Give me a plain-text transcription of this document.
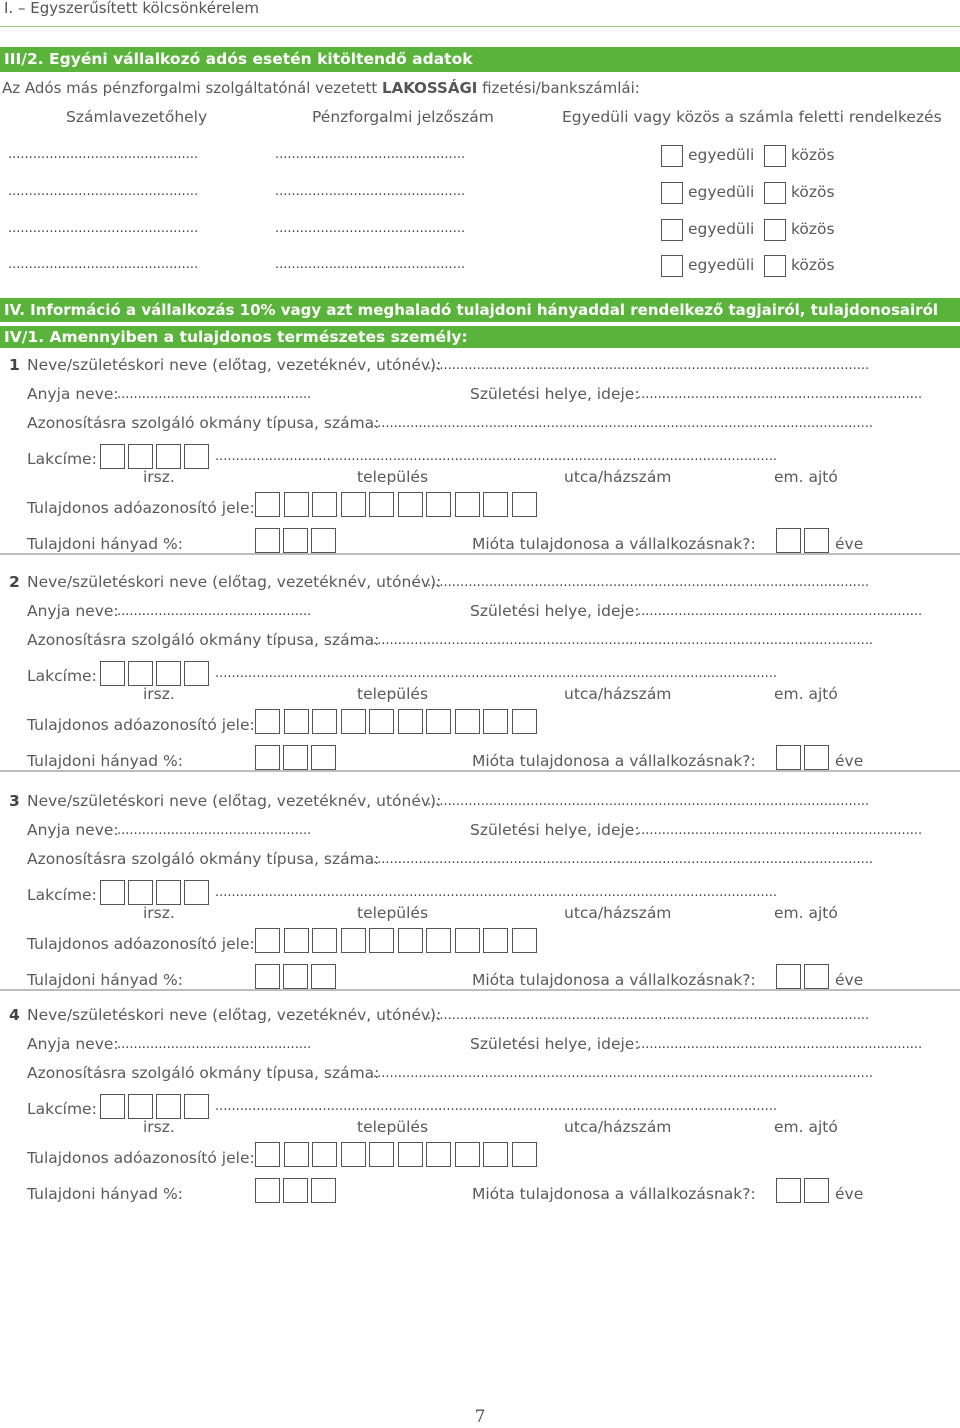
I. – Egyszerűsített kölcsönkérelem
III/2. Egyéni vállalkozó adós esetén kitöltendő adatok
Az Adós más pénzforgalmi szolgáltatónál vezetett LAKOSSÁGI fizetési/bankszámlái:
Számlavezetőhely	Pénzforgalmi jelzőszám	Egyedüli vagy közös a számla feletti rendelkezés
..............................................	..............................................	egyedüli közös
..............................................	..............................................	egyedüli közös
..............................................	..............................................	egyedüli közös
..............................................	..............................................	egyedüli közös
IV. Információ a vállalkozás 10% vagy azt meghaladó tulajdoni hányaddal rendelkező tagjairól, tulajdonosairól
IV/1. Amennyiben a tulajdonos természetes személy:
1 Neve/születéskori neve (előtag, vezetéknév, utónév):
...........................................................................................................
Anyja neve:
...............................................	Születési helye, ideje:
.....................................................................
Azonosításra szolgáló okmány típusa, száma:
.........................................................................................................................
Lakcíme:	........................................................................................................................................
irsz.	település	utca/házszám	em. ajtó
Tulajdonos adóazonosító jele:
Tulajdoni hányad %:	Mióta tulajdonosa a vállalkozásnak?:	éve
2 Neve/születéskori neve (előtag, vezetéknév, utónév):
...........................................................................................................
Anyja neve:
...............................................	Születési helye, ideje:
.....................................................................
Azonosításra szolgáló okmány típusa, száma:
.........................................................................................................................
Lakcíme:	........................................................................................................................................
irsz.	település	utca/házszám	em. ajtó
Tulajdonos adóazonosító jele:
Tulajdoni hányad %:	Mióta tulajdonosa a vállalkozásnak?:	éve
3 Neve/születéskori neve (előtag, vezetéknév, utónév):
...........................................................................................................
Anyja neve:
...............................................	Születési helye, ideje:
.....................................................................
Azonosításra szolgáló okmány típusa, száma:
.........................................................................................................................
Lakcíme:	........................................................................................................................................
irsz.	település	utca/házszám	em. ajtó
Tulajdonos adóazonosító jele:
Tulajdoni hányad %:	Mióta tulajdonosa a vállalkozásnak?:	éve
4 Neve/születéskori neve (előtag, vezetéknév, utónév):
...........................................................................................................
Anyja neve:
...............................................	Születési helye, ideje:
.....................................................................
Azonosításra szolgáló okmány típusa, száma:
.........................................................................................................................
Lakcíme:	........................................................................................................................................
irsz.	település	utca/házszám	em. ajtó
Tulajdonos adóazonosító jele:
Tulajdoni hányad %:	Mióta tulajdonosa a vállalkozásnak?:	éve
7
